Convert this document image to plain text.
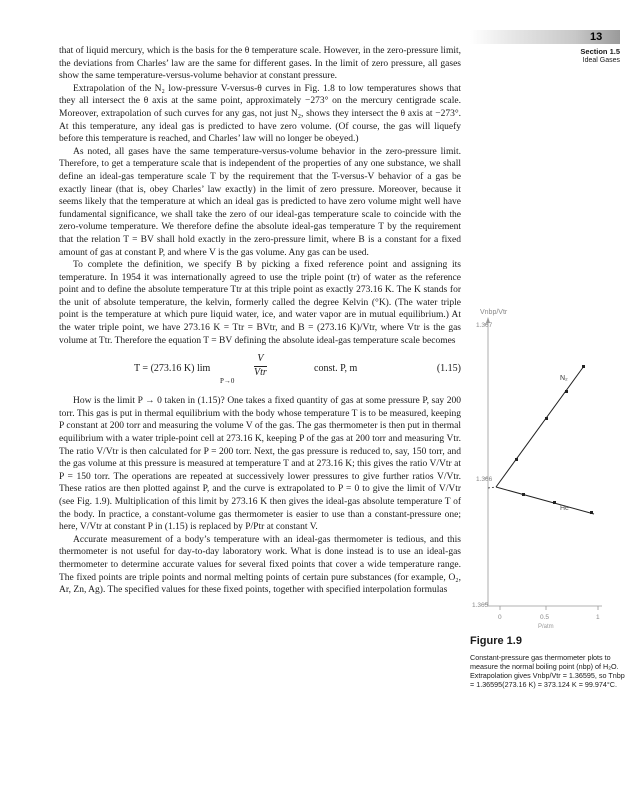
13
Section 1.5
Ideal Gases

that of liquid mercury, which is the basis for the θ temperature scale. However, in the zero-pressure limit, the deviations from Charles’ law are the same for different gases. In the limit of zero pressure, all gases show the same temperature-versus-volume behavior at constant pressure.

Extrapolation of the N₂ low-pressure V-versus-θ curves in Fig. 1.8 to low temperatures shows that they all intersect the θ axis at the same point, approximately −273° on the mercury centigrade scale. Moreover, extrapolation of such curves for any gas, not just N₂, shows they intersect the θ axis at −273°. At this temperature, any ideal gas is predicted to have zero volume. (Of course, the gas will liquefy before this temperature is reached, and Charles’ law will no longer be obeyed.)

As noted, all gases have the same temperature-versus-volume behavior in the zero-pressure limit. Therefore, to get a temperature scale that is independent of the properties of any one substance, we shall define an ideal-gas temperature scale T by the requirement that the T-versus-V behavior of a gas be exactly linear (that is, obey Charles’ law exactly) in the limit of zero pressure. Moreover, because it seems likely that the temperature at which an ideal gas is predicted to have zero volume might well have fundamental significance, we shall take the zero of our ideal-gas temperature scale to coincide with the zero-volume temperature. We therefore define the absolute ideal-gas temperature T by the requirement that the relation T = BV shall hold exactly in the zero-pressure limit, where B is a constant for a fixed amount of gas at constant P, and where V is the gas volume. Any gas can be used.

To complete the definition, we specify B by picking a fixed reference point and assigning its temperature. In 1954 it was internationally agreed to use the triple point (tr) of water as the reference point and to define the absolute temperature Ttr at this triple point as exactly 273.16 K. The K stands for the unit of absolute temperature, the kelvin, formerly called the degree Kelvin (°K). (The water triple point is the temperature at which pure liquid water, ice, and water vapor are in mutual equilibrium.) At the water triple point, we have 273.16 K = Ttr = BVtr, and B = (273.16 K)/Vtr, where Vtr is the gas volume at Ttr. Therefore the equation T = BV defining the absolute ideal-gas temperature scale becomes

T = (273.16 K) lim
P→0
V
Vtr	const. P, m	(1.15)

How is the limit P → 0 taken in (1.15)? One takes a fixed quantity of gas at some pressure P, say 200 torr. This gas is put in thermal equilibrium with the body whose temperature T is to be measured, keeping P constant at 200 torr and measuring the volume V of the gas. The gas thermometer is then put in thermal equilibrium with a water triple-point cell at 273.16 K, keeping P of the gas at 200 torr and measuring Vtr. The ratio V/Vtr is then calculated for P = 200 torr. Next, the gas pressure is reduced to, say, 150 torr, and the gas volume at this pressure is measured at temperature T and at 273.16 K; this gives the ratio V/Vtr at P = 150 torr. The operations are repeated at successively lower pressures to give further ratios V/Vtr. These ratios are then plotted against P, and the curve is extrapolated to P = 0 to give the limit of V/Vtr (see Fig. 1.9). Multiplication of this limit by 273.16 K then gives the ideal-gas absolute temperature T of the body. In practice, a constant-volume gas thermometer is easier to use than a constant-pressure one; here, V/Vtr at constant P in (1.15) is replaced by P/Ptr at constant V.

Accurate measurement of a body’s temperature with an ideal-gas thermometer is tedious, and this thermometer is not useful for day-to-day laboratory work. What is done instead is to use an ideal-gas thermometer to determine accurate values for several fixed points that cover a wide temperature range. The fixed points are triple points and normal melting points of certain pure substances (for example, O₂, Ar, Zn, Ag). The specified values for these fixed points, together with specified interpolation formulas

Vnbp/Vtr
1.367
1.366
1.365
N₂
He
0	0.5	1
P/atm
Figure 1.9
Constant-pressure gas thermometer plots to measure the normal boiling point (nbp) of H₂O. Extrapolation gives Vnbp/Vtr = 1.36595, so Tnbp = 1.36595(273.16 K) = 373.124 K = 99.974°C.
